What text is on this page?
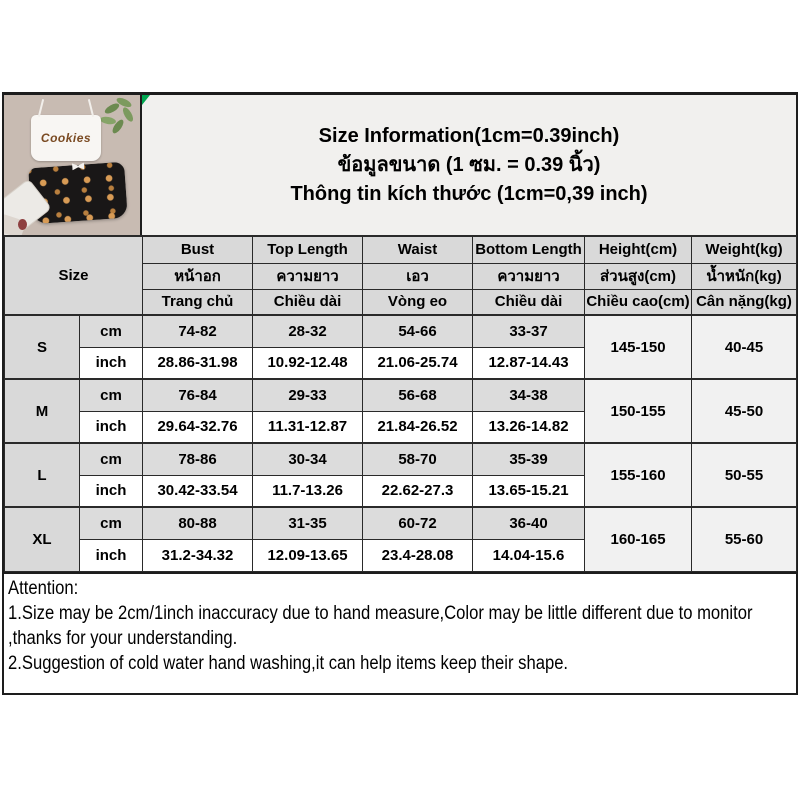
Cookies	Size Information(1cm=0.39inch)
ข้อมูลขนาด (1 ซม. = 0.39 นิ้ว)
Thông tin kích thước (1cm=0,39 inch)
Size		Bust	Top Length	Waist	Bottom Length	Height(cm)	Weight(kg)
		หน้าอก	ความยาว	เอว	ความยาว	ส่วนสูง(cm)	น้ำหนัก(kg)
		Trang chủ	Chiều dài	Vòng eo	Chiều dài	Chiều cao(cm)	Cân nặng(kg)
S	cm	74-82	28-32	54-66	33-37	145-150	40-45
	inch	28.86-31.98	10.92-12.48	21.06-25.74	12.87-14.43		
M	cm	76-84	29-33	56-68	34-38	150-155	45-50
	inch	29.64-32.76	11.31-12.87	21.84-26.52	13.26-14.82		
L	cm	78-86	30-34	58-70	35-39	155-160	50-55
	inch	30.42-33.54	11.7-13.26	22.62-27.3	13.65-15.21		
XL	cm	80-88	31-35	60-72	36-40	160-165	55-60
	inch	31.2-34.32	12.09-13.65	23.4-28.08	14.04-15.6		
Attention:
1.Size may be 2cm/1inch inaccuracy due to hand measure,Color may be little different due to monitor ,thanks for your understanding.
2.Suggestion of cold water hand washing,it can help items keep their shape.
